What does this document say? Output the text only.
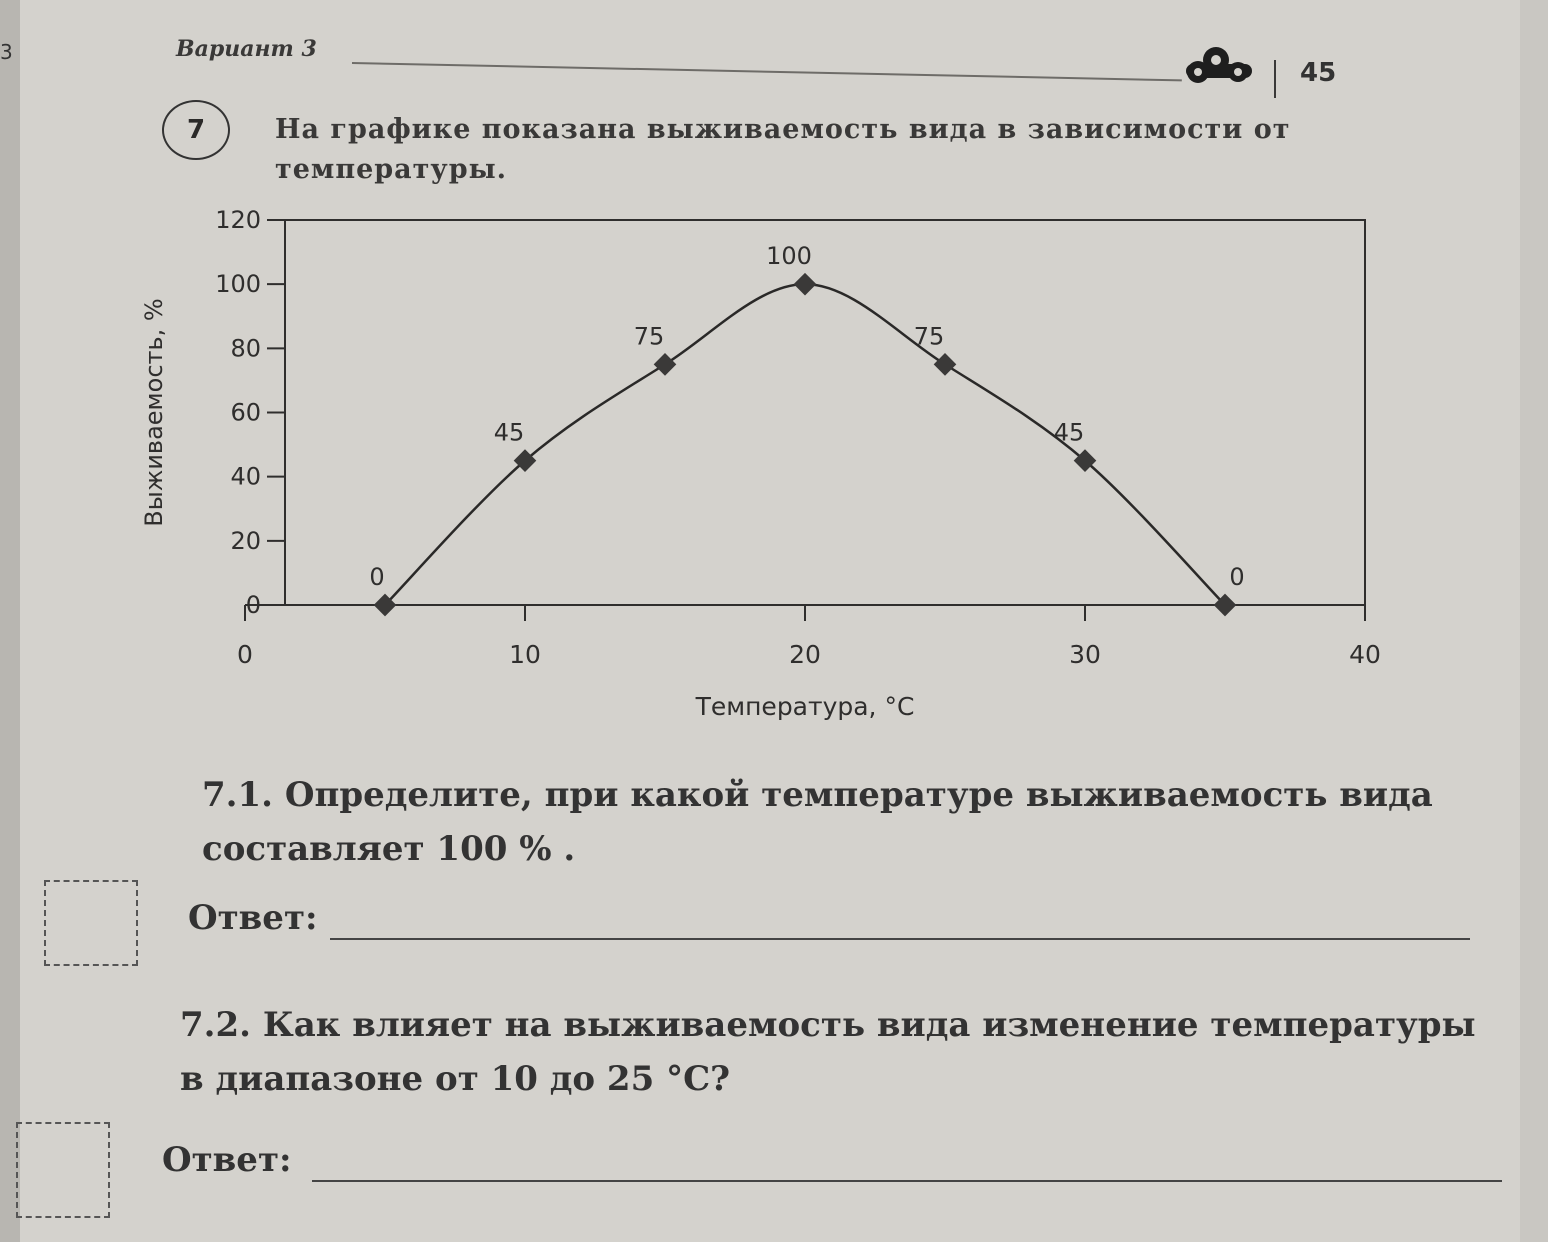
3	Вариант 3
45
7	На графике показана выживаемость вида в зависимости от температуры.
0
20
40
60
80
100
120
0	10	20	30	40
Температура, °С
Выживаемость, %
0
45
75
100
75
45
0
7.1. Определите, при какой температуре выживаемость вида составляет 100 % .
Ответ:
7.2. Как влияет на выживаемость вида изменение температуры в диапазоне от 10 до 25 °С?
Ответ:
